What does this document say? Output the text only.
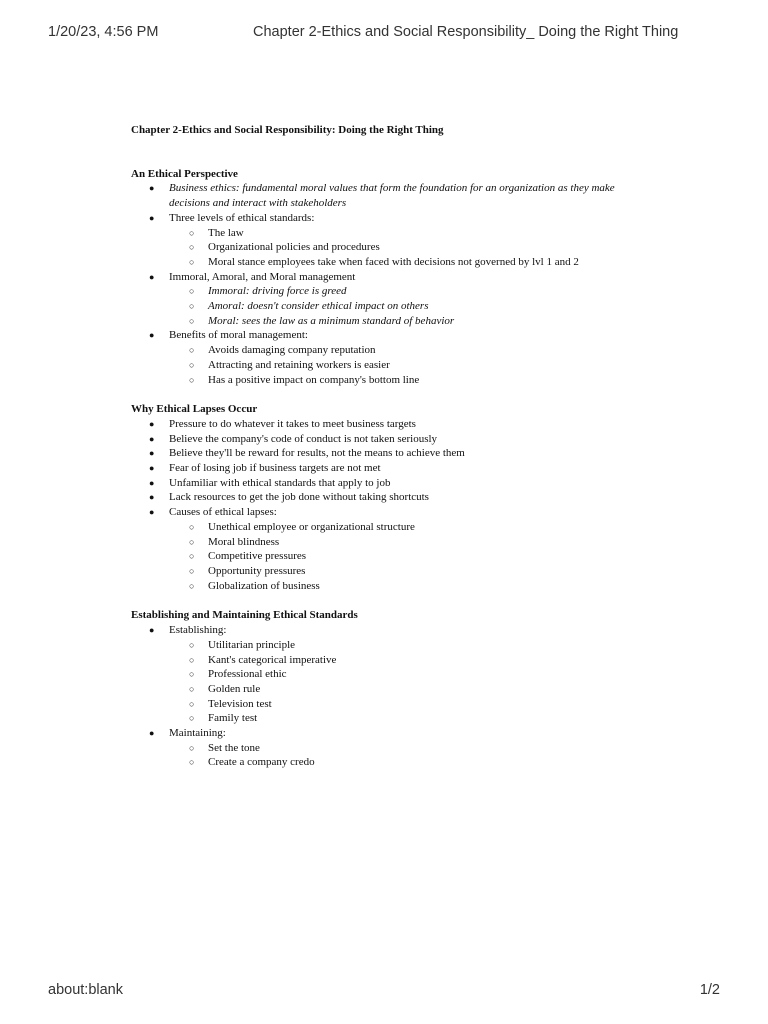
1/20/23, 4:56 PM	Chapter 2-Ethics and Social Responsibility_ Doing the Right Thing
Chapter 2-Ethics and Social Responsibility: Doing the Right Thing
An Ethical Perspective
● Business ethics: fundamental moral values that form the foundation for an organization as they make decisions and interact with stakeholders
● Three levels of ethical standards:
○ The law
○ Organizational policies and procedures
○ Moral stance employees take when faced with decisions not governed by lvl 1 and 2
● Immoral, Amoral, and Moral management
○ Immoral: driving force is greed
○ Amoral: doesn't consider ethical impact on others
○ Moral: sees the law as a minimum standard of behavior
● Benefits of moral management:
○ Avoids damaging company reputation
○ Attracting and retaining workers is easier
○ Has a positive impact on company's bottom line
Why Ethical Lapses Occur
● Pressure to do whatever it takes to meet business targets
● Believe the company's code of conduct is not taken seriously
● Believe they'll be reward for results, not the means to achieve them
● Fear of losing job if business targets are not met
● Unfamiliar with ethical standards that apply to job
● Lack resources to get the job done without taking shortcuts
● Causes of ethical lapses:
○ Unethical employee or organizational structure
○ Moral blindness
○ Competitive pressures
○ Opportunity pressures
○ Globalization of business
Establishing and Maintaining Ethical Standards
● Establishing:
○ Utilitarian principle
○ Kant's categorical imperative
○ Professional ethic
○ Golden rule
○ Television test
○ Family test
● Maintaining:
○ Set the tone
○ Create a company credo
about:blank	1/2
